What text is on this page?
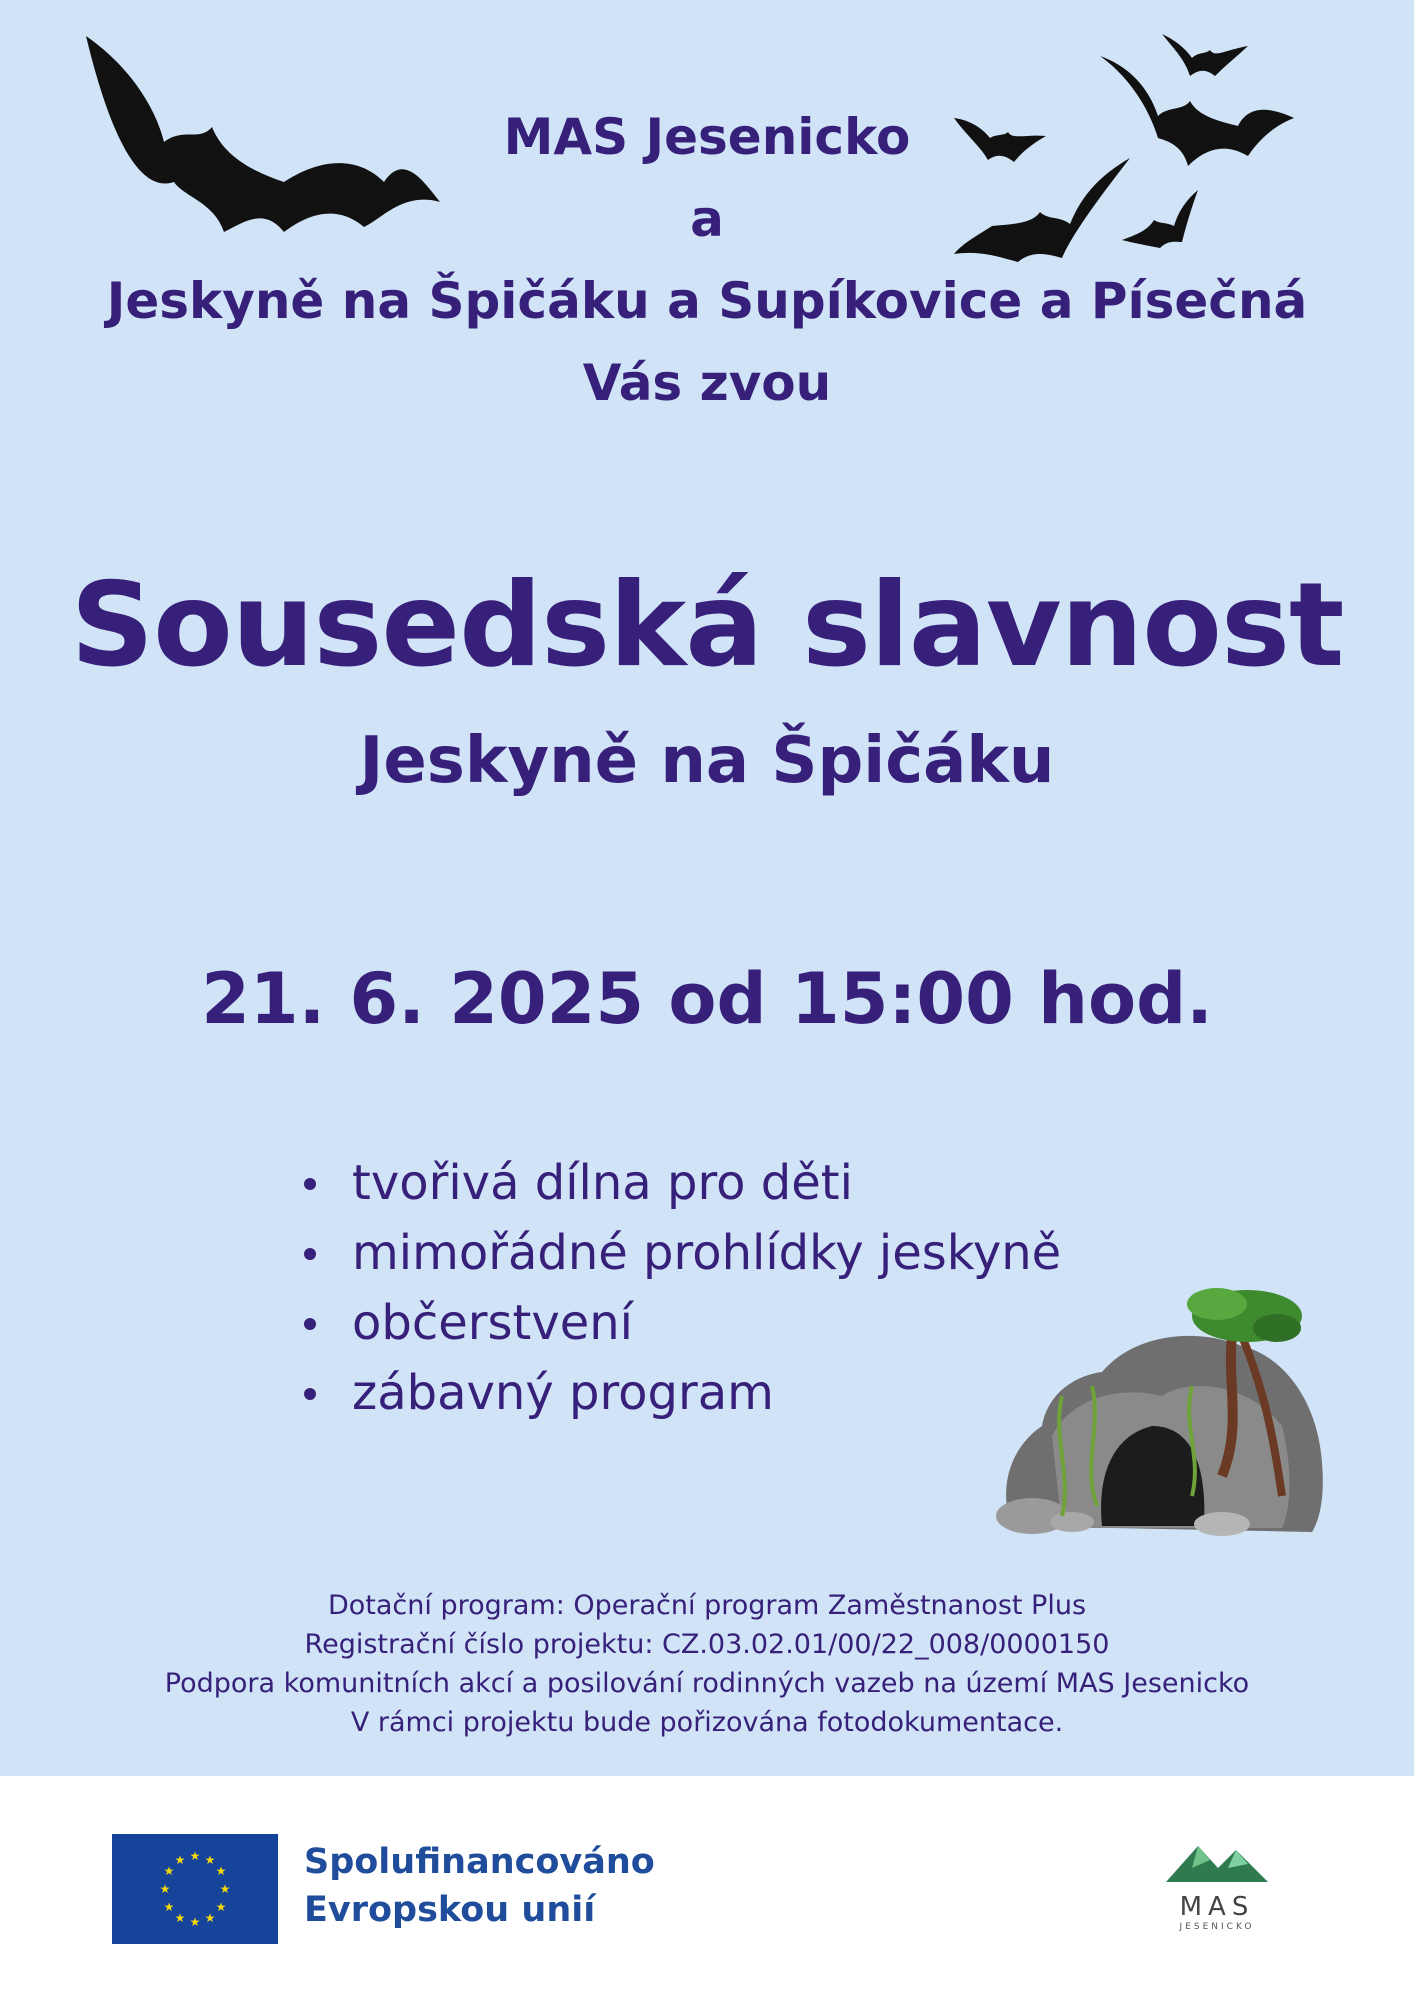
MAS Jesenicko
a
Jeskyně na Špičáku a Supíkovice a Písečná
Vás zvou
Sousedská slavnost
Jeskyně na Špičáku
21. 6. 2025 od 15:00 hod.
tvořivá dílna pro děti
mimořádné prohlídky jeskyně
občerstvení
zábavný program
Dotační program: Operační program Zaměstnanost Plus
Registrační číslo projektu: CZ.03.02.01/00/22_008/0000150
Podpora komunitních akcí a posilování rodinných vazeb na území MAS Jesenicko
V rámci projektu bude pořizována fotodokumentace.
★ ★
★
★
★
★
★
★
★
★
★
★	Spolufinancováno
Evropskou unií	MAS
JESENICKO
